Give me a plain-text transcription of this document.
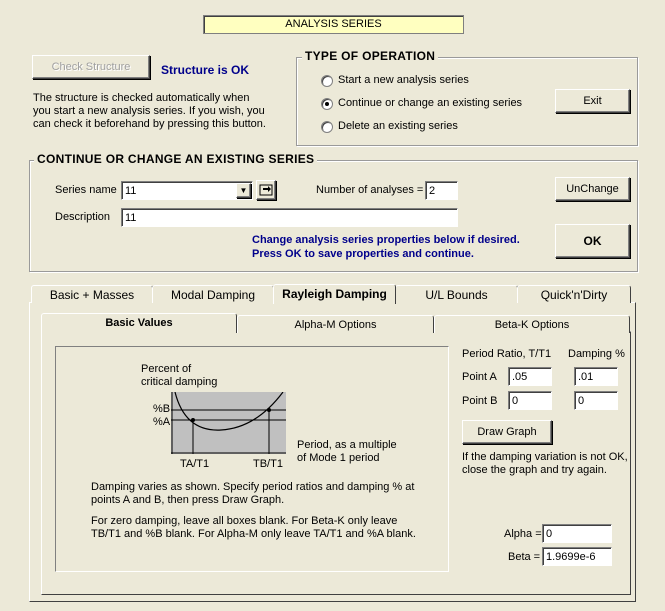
ANALYSIS SERIES
Check Structure	Structure is OK
The structure is checked automatically when
you start a new analysis series. If you wish, you
can check it beforehand by pressing this button.
TYPE OF OPERATION
Start a new analysis series
Continue or change an existing series
Delete an existing series
Exit
CONTINUE OR CHANGE AN EXISTING SERIES
Series name 11	▼	Number of analyses = 2	UnChange
Description	11
Change analysis series properties below if desired.
Press OK to save properties and continue.
OK
Basic + Masses	Modal Damping	Rayleigh Damping	U/L Bounds	Quick'n'Dirty
Basic Values	Alpha-M Options	Beta-K Options
Percent of
critical damping
%B
%A
TA/T1	TB/T1
Period, as a multiple
of Mode 1 period
Damping varies as shown. Specify period ratios and damping % at
points A and B, then press Draw Graph.
For zero damping, leave all boxes blank. For Beta-K only leave
TB/T1 and %B blank. For Alpha-M only leave TA/T1 and %A blank.
Period Ratio, T/T1 Damping %
Point A	.05	.01
Point B	0	0
Draw Graph
If the damping variation is not OK,
close the graph and try again.
Alpha = 0
Beta = 1.9699e-6
